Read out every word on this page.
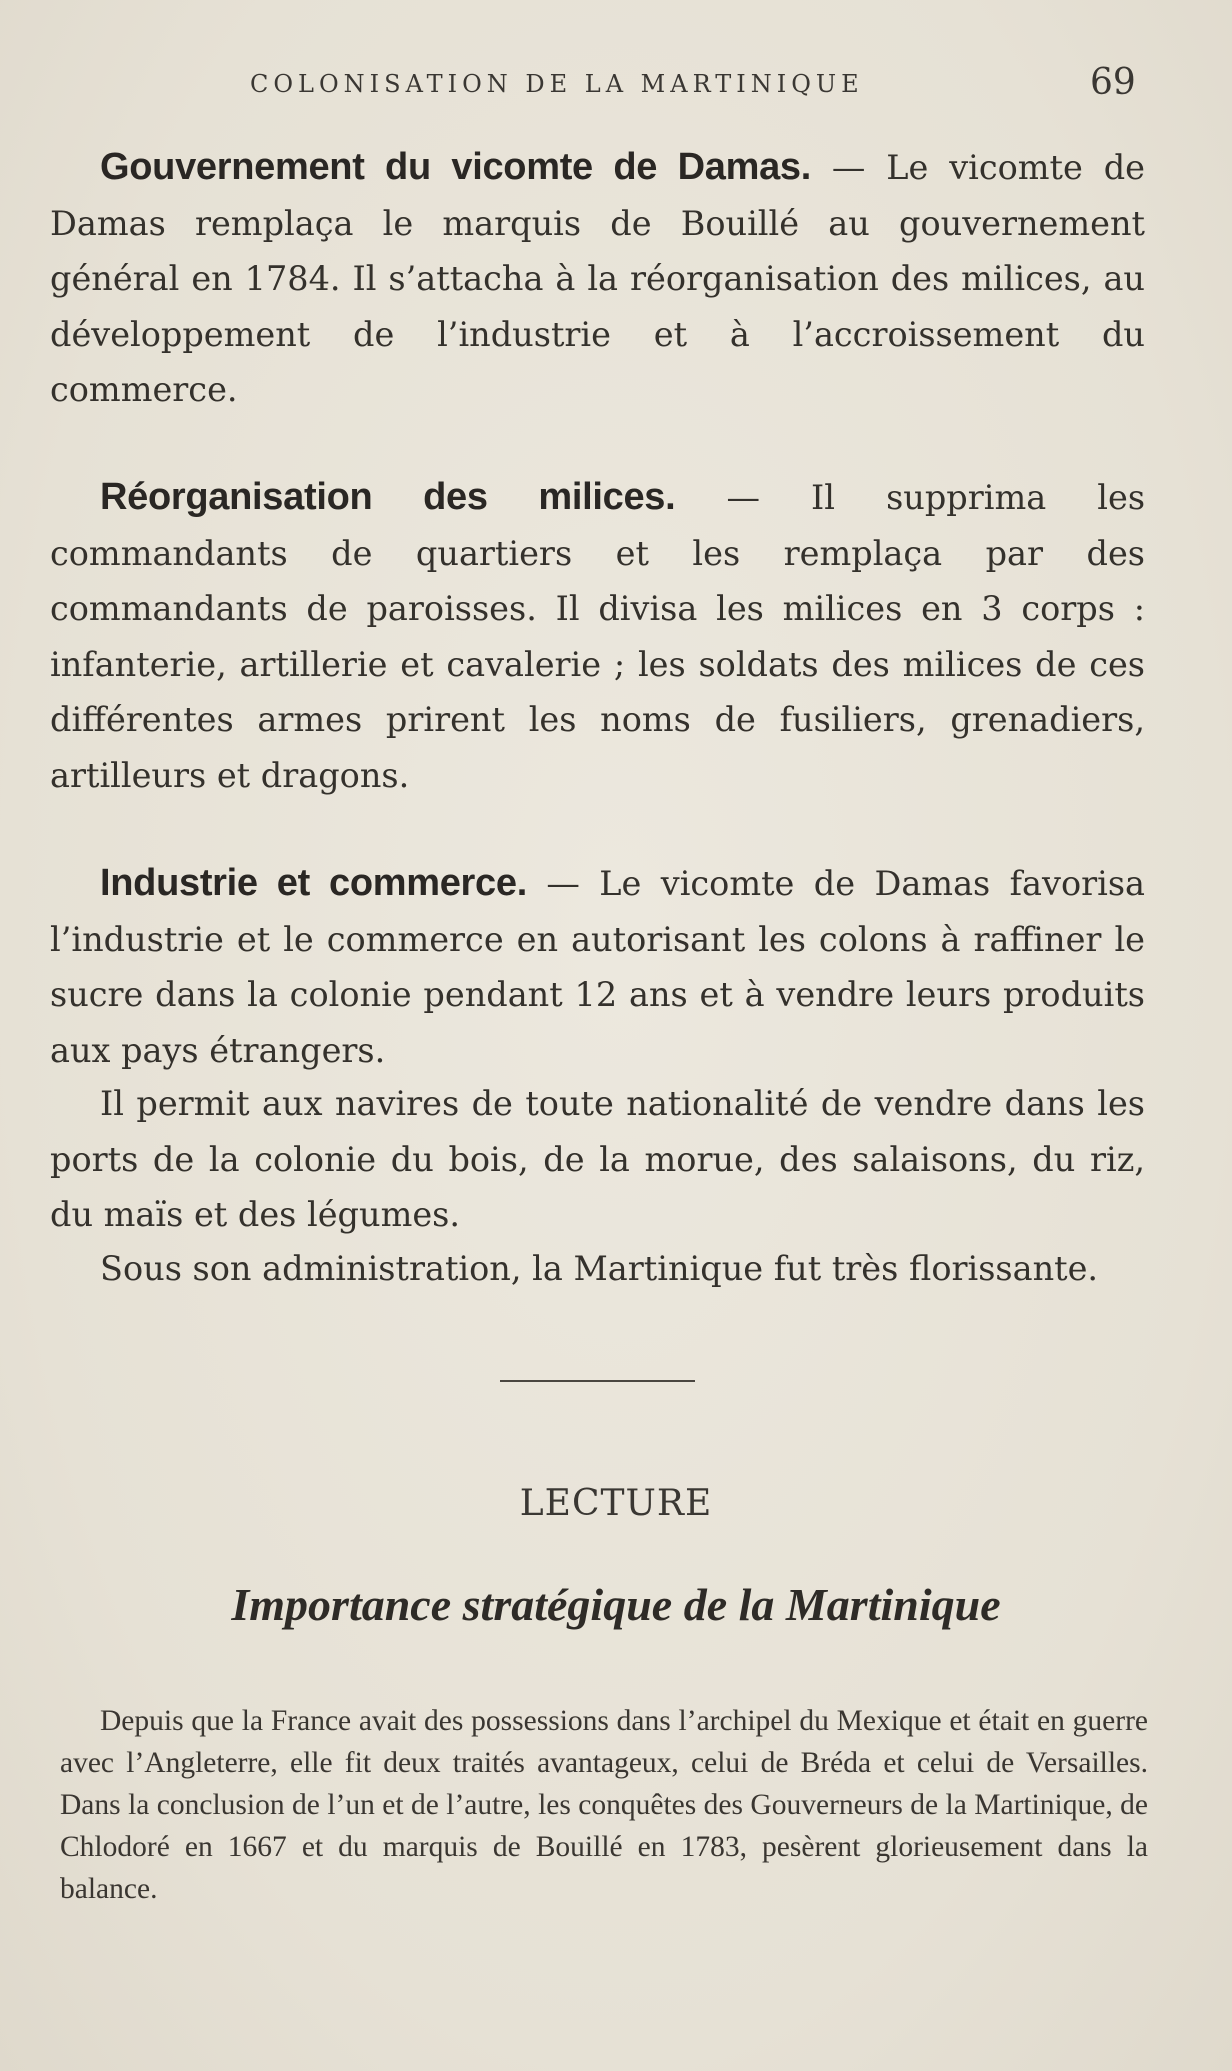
COLONISATION DE LA MARTINIQUE	69

Gouvernement du vicomte de Damas. — Le vicomte de Damas remplaça le marquis de Bouillé au gouvernement général en 1784. Il s’attacha à la réorganisation des milices, au développement de l’industrie et à l’accroissement du commerce.

Réorganisation des milices. — Il supprima les commandants de quartiers et les remplaça par des commandants de paroisses. Il divisa les milices en 3 corps : infanterie, artillerie et cavalerie ; les soldats des milices de ces différentes armes prirent les noms de fusiliers, grenadiers, artilleurs et dragons.

Industrie et commerce. — Le vicomte de Damas favorisa l’industrie et le commerce en autorisant les colons à raffiner le sucre dans la colonie pendant 12 ans et à vendre leurs produits aux pays étrangers.

Il permit aux navires de toute nationalité de vendre dans les ports de la colonie du bois, de la morue, des salaisons, du riz, du maïs et des légumes.

Sous son administration, la Martinique fut très florissante.

LECTURE
Importance stratégique de la Martinique

Depuis que la France avait des possessions dans l’archipel du Mexique et était en guerre avec l’Angleterre, elle fit deux traités avantageux, celui de Bréda et celui de Versailles. Dans la conclusion de l’un et de l’autre, les conquêtes des Gouverneurs de la Martinique, de Chlodoré en 1667 et du marquis de Bouillé en 1783, pesèrent glorieusement dans la balance.
